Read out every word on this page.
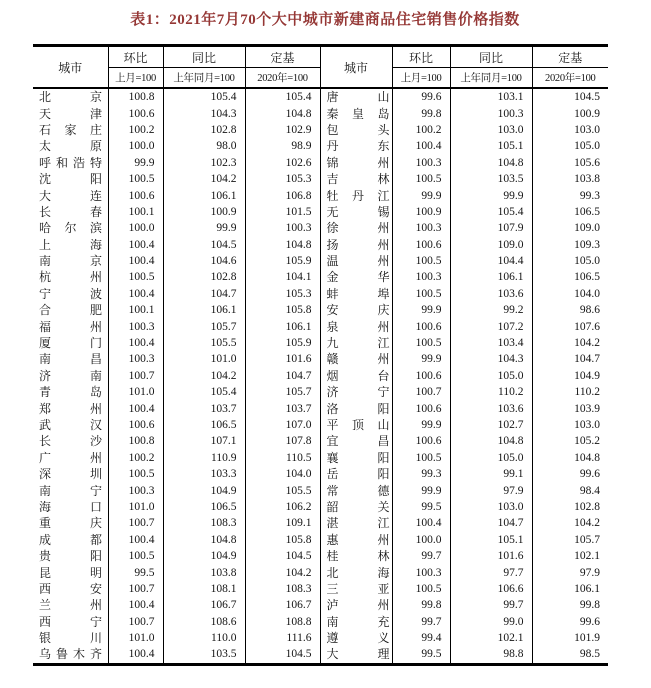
表1：2021年7月70个大中城市新建商品住宅销售价格指数
城市	环比	同比	定基	城市	环比	同比	定基
	上月=100	上年同月=100	2020年=100		上月=100	上年同月=100	2020年=100

北 京	100.8	105.4	105.4	唐 山	99.6	103.1	104.5

天 津	100.6	104.3	104.8	秦 皇 岛	99.8	100.3	100.9

石 家 庄	100.2	102.8	102.9	包 头	100.2	103.0	103.0

太 原	100.0	98.0	98.9	丹 东	100.4	105.1	105.0

呼 和 浩 特	99.9	102.3	102.6	锦 州	100.3	104.8	105.6

沈 阳	100.5	104.2	105.3	吉 林	100.5	103.5	103.8

大 连	100.6	106.1	106.8	牡 丹 江	99.9	99.9	99.3

长 春	100.1	100.9	101.5	无 锡	100.9	105.4	106.5

哈 尔 滨	100.0	99.9	100.3	徐 州	100.3	107.9	109.0

上 海	100.4	104.5	104.8	扬 州	100.6	109.0	109.3

南 京	100.4	104.6	105.9	温 州	100.5	104.4	105.0

杭 州	100.5	102.8	104.1	金 华	100.3	106.1	106.5

宁 波	100.4	104.7	105.3	蚌 埠	100.5	103.6	104.0

合 肥	100.1	106.1	105.8	安 庆	99.9	99.2	98.6

福 州	100.3	105.7	106.1	泉 州	100.6	107.2	107.6

厦 门	100.4	105.5	105.9	九 江	100.5	103.4	104.2

南 昌	100.3	101.0	101.6	赣 州	99.9	104.3	104.7

济 南	100.7	104.2	104.7	烟 台	100.6	105.0	104.9

青 岛	101.0	105.4	105.7	济 宁	100.7	110.2	110.2

郑 州	100.4	103.7	103.7	洛 阳	100.6	103.6	103.9

武 汉	100.6	106.5	107.0	平 顶 山	99.9	102.7	103.0

长 沙	100.8	107.1	107.8	宜 昌	100.6	104.8	105.2

广 州	100.2	110.9	110.5	襄 阳	100.5	105.0	104.8

深 圳	100.5	103.3	104.0	岳 阳	99.3	99.1	99.6

南 宁	100.3	104.9	105.5	常 德	99.9	97.9	98.4

海 口	101.0	106.5	106.2	韶 关	99.5	103.0	102.8

重 庆	100.7	108.3	109.1	湛 江	100.4	104.7	104.2

成 都	100.4	104.8	105.8	惠 州	100.0	105.1	105.7

贵 阳	100.5	104.9	104.5	桂 林	99.7	101.6	102.1

昆 明	99.5	103.8	104.2	北 海	100.3	97.7	97.9

西 安	100.7	108.1	108.3	三 亚	100.5	106.6	106.1

兰 州	100.4	106.7	106.7	泸 州	99.8	99.7	99.8

西 宁	100.7	108.6	108.8	南 充	99.7	99.0	99.6

银 川	101.0	110.0	111.6	遵 义	99.4	102.1	101.9

乌 鲁 木 齐	100.4	103.5	104.5	大 理	99.5	98.8	98.5
